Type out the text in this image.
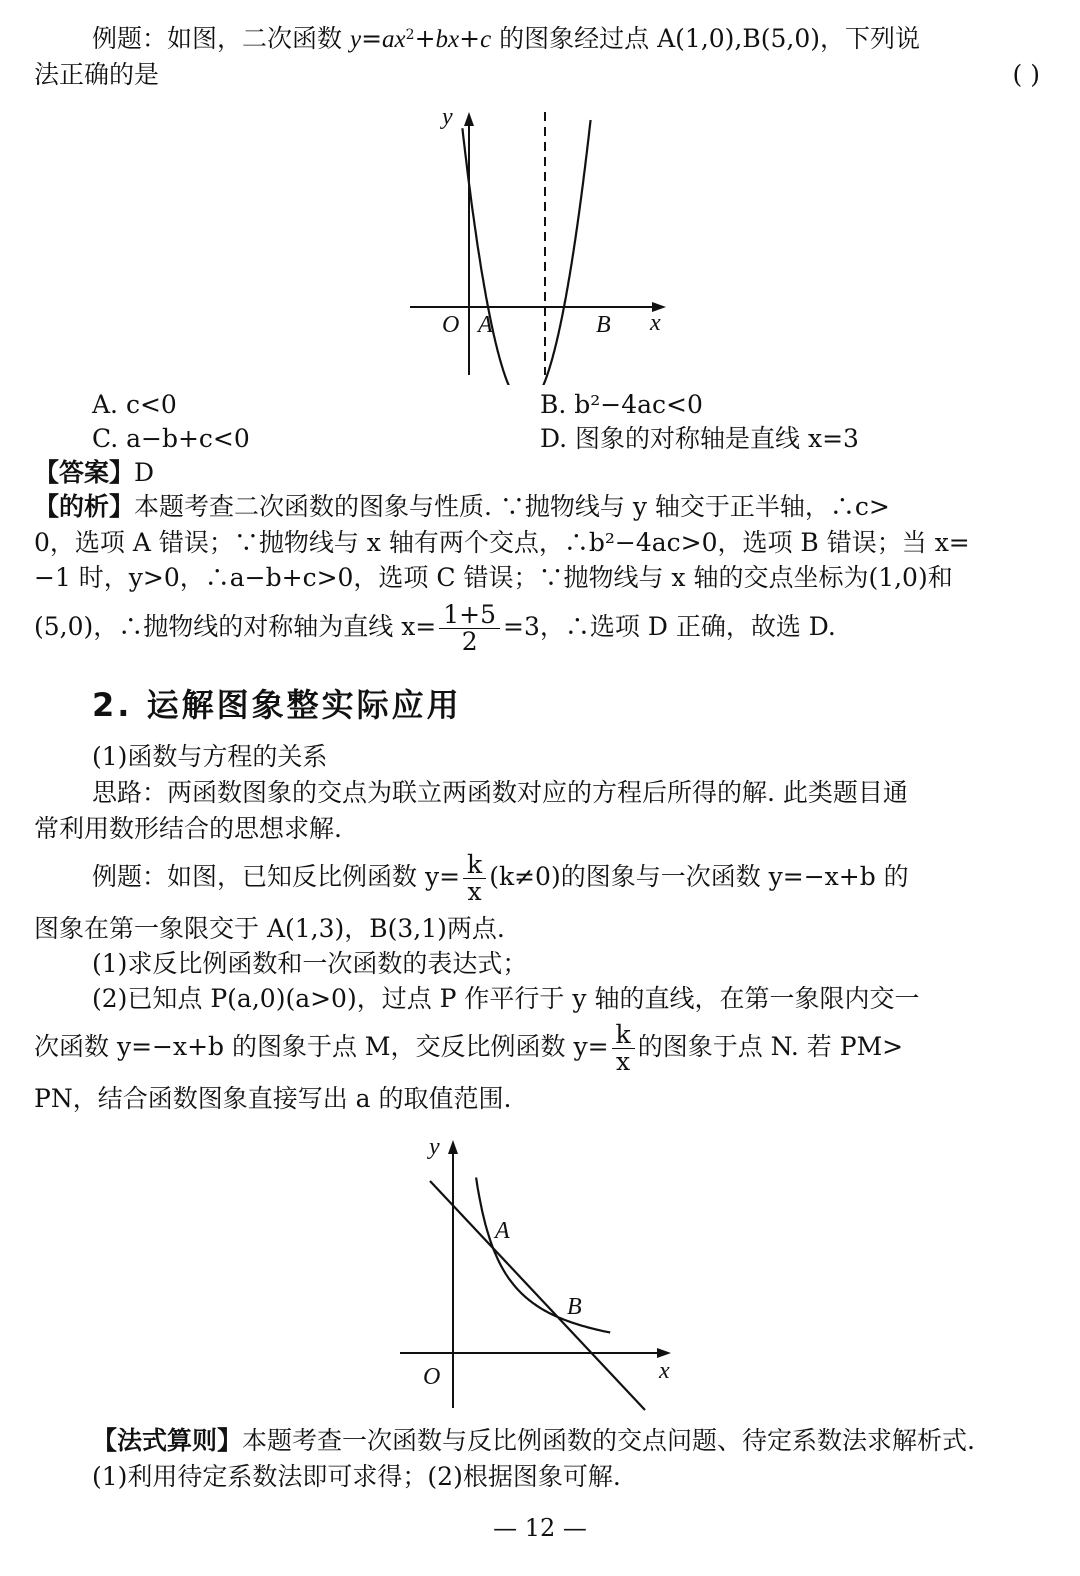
例题：如图，二次函数 $y=ax^2+bx+c$ 的图象经过点 A(1,0),B(5,0)，下列说
法正确的是	( )
y
x
O A	B
A. c<0	B. b²−4ac<0
C. a−b+c<0	D. 图象的对称轴是直线 x=3
【答案】D
【的析】本题考查二次函数的图象与性质. ∵抛物线与 y 轴交于正半轴，∴c>
0，选项 A 错误；∵抛物线与 x 轴有两个交点，∴b²−4ac>0，选项 B 错误；当 x=
−1 时，y>0，∴a−b+c>0，选项 C 错误；∵抛物线与 x 轴的交点坐标为(1,0)和
(5,0)，∴抛物线的对称轴为直线 $x= \frac{1+5}{2} =3$，∴选项 D 正确，故选 D.
2. 运解图象整实际应用
(1)函数与方程的关系
思路：两函数图象的交点为联立两函数对应的方程后所得的解. 此类题目通
常利用数形结合的思想求解.
例题：如图，已知反比例函数 $y= \frac{k}{x} (k\ne 0)$的图象与一次函数 y=−x+b 的
图象在第一象限交于 A(1,3)，B(3,1)两点.
(1)求反比例函数和一次函数的表达式；
(2)已知点 P(a,0)(a>0)，过点 P 作平行于 y 轴的直线，在第一象限内交一
次函数 y=−x+b 的图象于点 M，交反比例函数 $y= \frac{k}{x}$ 的图象于点 N. 若 PM>
PN，结合函数图象直接写出 a 的取值范围.
y
x
O
A
B
【法式算则】本题考查一次函数与反比例函数的交点问题、待定系数法求解析式.
(1)利用待定系数法即可求得；(2)根据图象可解.
— 12 —
